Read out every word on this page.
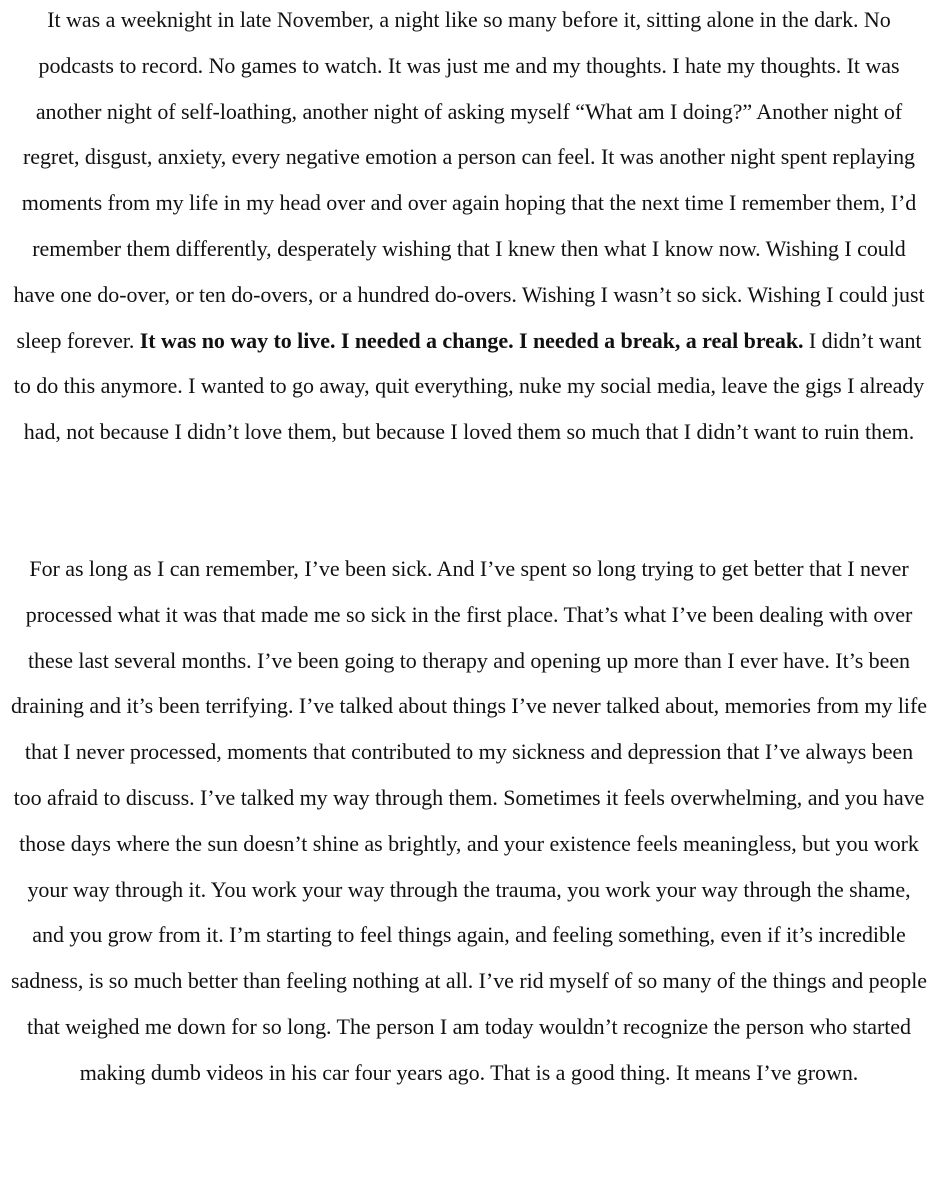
It was a weeknight in late November, a night like so many before it, sitting alone in the dark. No podcasts to record. No games to watch. It was just me and my thoughts. I hate my thoughts. It was another night of self-loathing, another night of asking myself “What am I doing?” Another night of regret, disgust, anxiety, every negative emotion a person can feel. It was another night spent replaying moments from my life in my head over and over again hoping that the next time I remember them, I’d remember them differently, desperately wishing that I knew then what I know now. Wishing I could have one do-over, or ten do-overs, or a hundred do-overs. Wishing I wasn’t so sick. Wishing I could just sleep forever. It was no way to live. I needed a change. I needed a break, a real break. I didn’t want to do this anymore. I wanted to go away, quit everything, nuke my social media, leave the gigs I already had, not because I didn’t love them, but because I loved them so much that I didn’t want to ruin them.

For as long as I can remember, I’ve been sick. And I’ve spent so long trying to get better that I never processed what it was that made me so sick in the first place. That’s what I’ve been dealing with over these last several months. I’ve been going to therapy and opening up more than I ever have. It’s been draining and it’s been terrifying. I’ve talked about things I’ve never talked about, memories from my life that I never processed, moments that contributed to my sickness and depression that I’ve always been too afraid to discuss. I’ve talked my way through them. Sometimes it feels overwhelming, and you have those days where the sun doesn’t shine as brightly, and your existence feels meaningless, but you work your way through it. You work your way through the trauma, you work your way through the shame, and you grow from it. I’m starting to feel things again, and feeling something, even if it’s incredible sadness, is so much better than feeling nothing at all. I’ve rid myself of so many of the things and people that weighed me down for so long. The person I am today wouldn’t recognize the person who started making dumb videos in his car four years ago. That is a good thing. It means I’ve grown.
